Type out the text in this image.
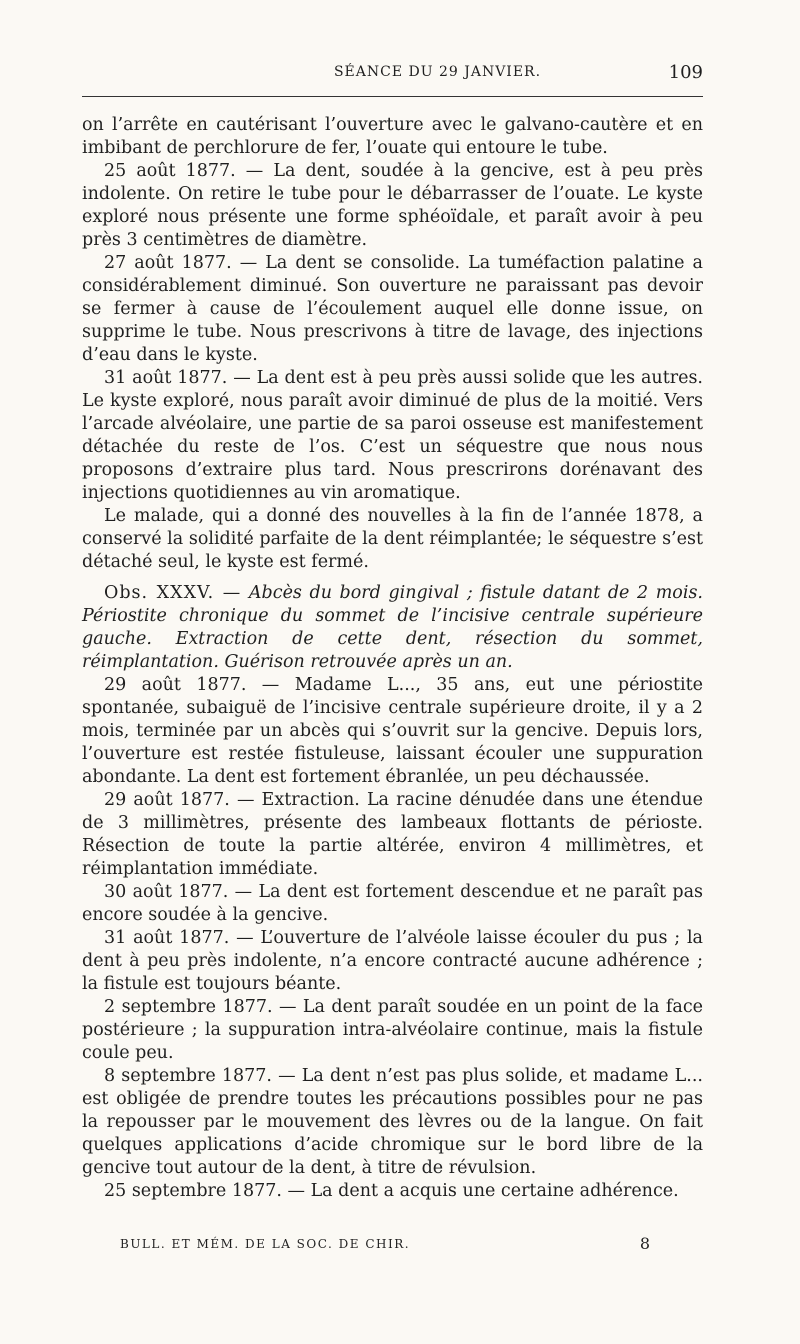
SÉANCE DU 29 JANVIER.	109

on l’arrête en cautérisant l’ouverture avec le galvano-cautère et en imbibant de perchlorure de fer, l’ouate qui entoure le tube.

25 août 1877. — La dent, soudée à la gencive, est à peu près indolente. On retire le tube pour le débarrasser de l’ouate. Le kyste exploré nous présente une forme sphéoïdale, et paraît avoir à peu près 3 centimètres de diamètre.

27 août 1877. — La dent se consolide. La tuméfaction palatine a considérablement diminué. Son ouverture ne paraissant pas devoir se fermer à cause de l’écoulement auquel elle donne issue, on supprime le tube. Nous prescrivons à titre de lavage, des injections d’eau dans le kyste.

31 août 1877. — La dent est à peu près aussi solide que les autres. Le kyste exploré, nous paraît avoir diminué de plus de la moitié. Vers l’arcade alvéolaire, une partie de sa paroi osseuse est manifestement détachée du reste de l’os. C’est un séquestre que nous nous proposons d’extraire plus tard. Nous prescrirons dorénavant des injections quotidiennes au vin aromatique.

Le malade, qui a donné des nouvelles à la fin de l’année 1878, a conservé la solidité parfaite de la dent réimplantée; le séquestre s’est détaché seul, le kyste est fermé.

Obs. XXXV. — Abcès du bord gingival ; fistule datant de 2 mois. Périostite chronique du sommet de l’incisive centrale supérieure gauche. Extraction de cette dent, résection du sommet, réimplantation. Guérison retrouvée après un an.

29 août 1877. — Madame L..., 35 ans, eut une périostite spontanée, subaiguë de l’incisive centrale supérieure droite, il y a 2 mois, terminée par un abcès qui s’ouvrit sur la gencive. Depuis lors, l’ouverture est restée fistuleuse, laissant écouler une suppuration abondante. La dent est fortement ébranlée, un peu déchaussée.

29 août 1877. — Extraction. La racine dénudée dans une étendue de 3 millimètres, présente des lambeaux flottants de périoste. Résection de toute la partie altérée, environ 4 millimètres, et réimplantation immédiate.

30 août 1877. — La dent est fortement descendue et ne paraît pas encore soudée à la gencive.

31 août 1877. — L’ouverture de l’alvéole laisse écouler du pus ; la dent à peu près indolente, n’a encore contracté aucune adhérence ; la fistule est toujours béante.

2 septembre 1877. — La dent paraît soudée en un point de la face postérieure ; la suppuration intra-alvéolaire continue, mais la fistule coule peu.

8 septembre 1877. — La dent n’est pas plus solide, et madame L... est obligée de prendre toutes les précautions possibles pour ne pas la repousser par le mouvement des lèvres ou de la langue. On fait quelques applications d’acide chromique sur le bord libre de la gencive tout autour de la dent, à titre de révulsion.

25 septembre 1877. — La dent a acquis une certaine adhérence.

BULL. ET MÉM. DE LA SOC. DE CHIR.	8
